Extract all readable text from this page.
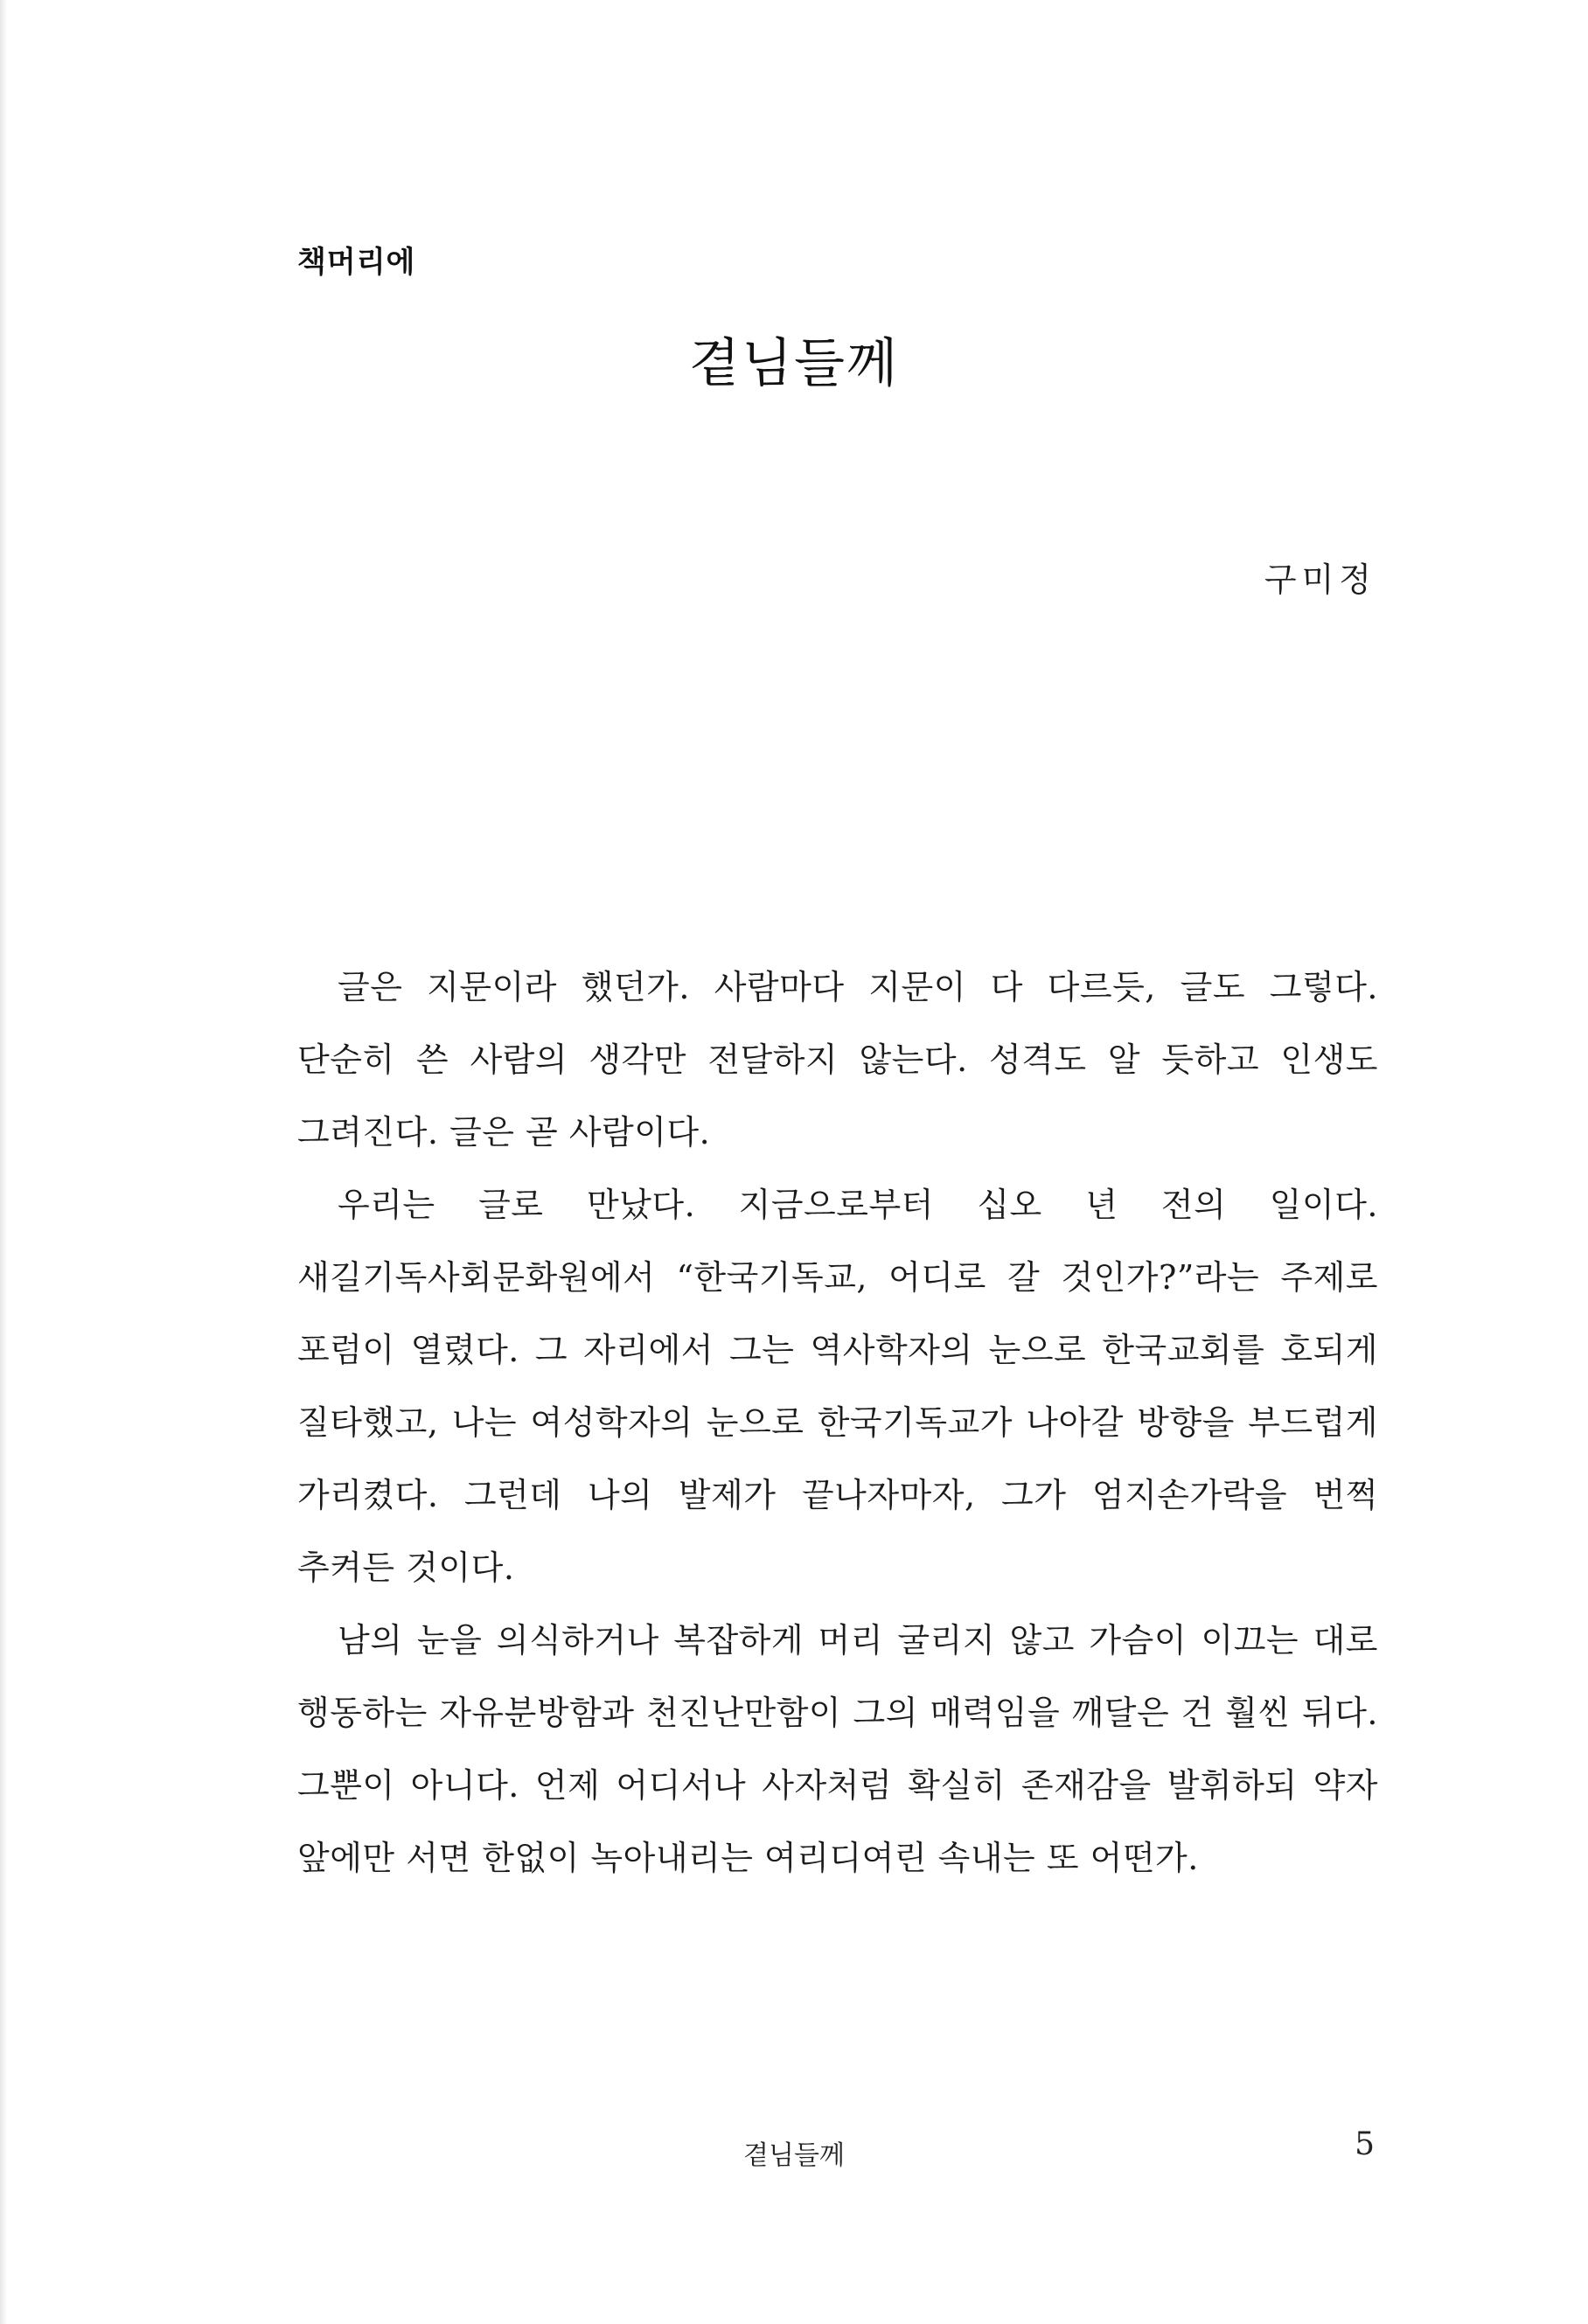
책머리에
곁님들께
구미정

글은 지문이라 했던가. 사람마다 지문이 다 다르듯, 글도 그렇다. 단순히 쓴 사람의 생각만 전달하지 않는다. 성격도 알 듯하고 인생도 그려진다. 글은 곧 사람이다.

우리는 글로 만났다. 지금으로부터 십오 년 전의 일이다. 새길기독사회문화원에서 “한국기독교, 어디로 갈 것인가?”라는 주제로 포럼이 열렸다. 그 자리에서 그는 역사학자의 눈으로 한국교회를 호되게 질타했고, 나는 여성학자의 눈으로 한국기독교가 나아갈 방향을 부드럽게 가리켰다. 그런데 나의 발제가 끝나자마자, 그가 엄지손가락을 번쩍 추켜든 것이다.

남의 눈을 의식하거나 복잡하게 머리 굴리지 않고 가슴이 이끄는 대로 행동하는 자유분방함과 천진난만함이 그의 매력임을 깨달은 건 훨씬 뒤다. 그뿐이 아니다. 언제 어디서나 사자처럼 확실히 존재감을 발휘하되 약자 앞에만 서면 한없이 녹아내리는 여리디여린 속내는 또 어떤가.

곁님들께	5
